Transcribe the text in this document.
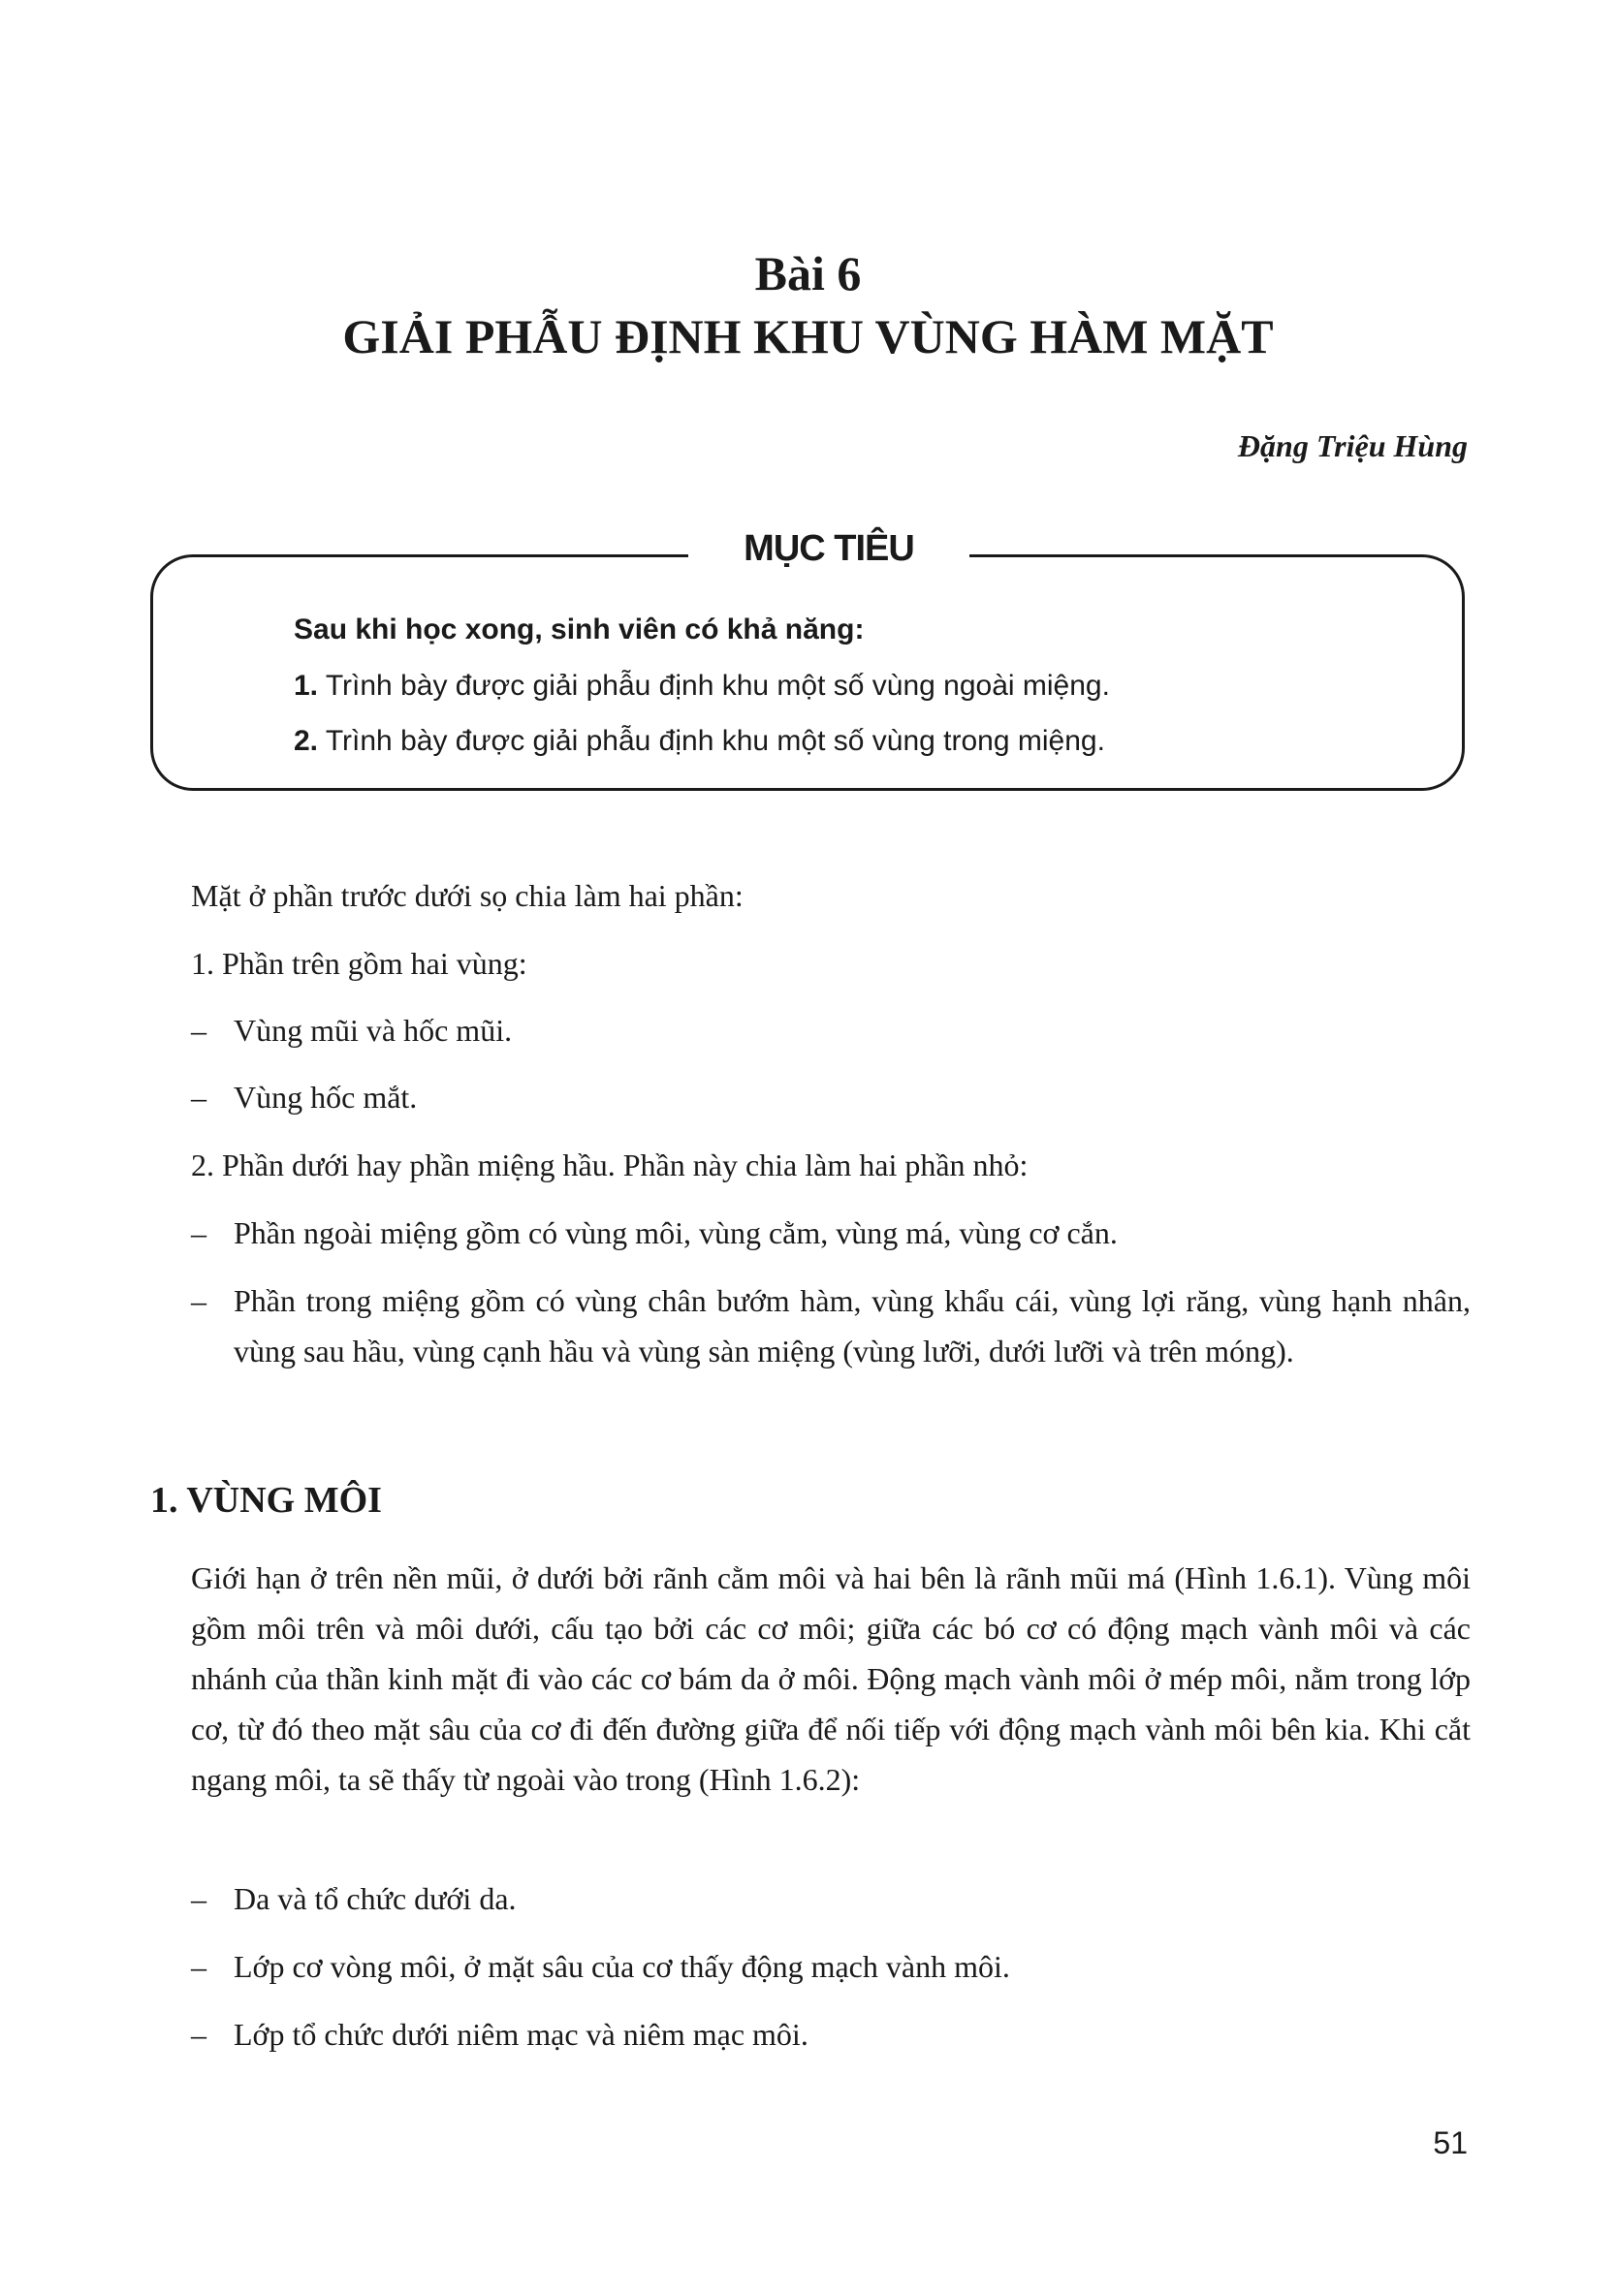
Bài 6
GIẢI PHẪU ĐỊNH KHU VÙNG HÀM MẶT
Đặng Triệu Hùng
MỤC TIÊU
Sau khi học xong, sinh viên có khả năng:
1. Trình bày được giải phẫu định khu một số vùng ngoài miệng.
2. Trình bày được giải phẫu định khu một số vùng trong miệng.
Mặt ở phần trước dưới sọ chia làm hai phần:
1. Phần trên gồm hai vùng:
– Vùng mũi và hốc mũi.
– Vùng hốc mắt.
2. Phần dưới hay phần miệng hầu. Phần này chia làm hai phần nhỏ:
– Phần ngoài miệng gồm có vùng môi, vùng cằm, vùng má, vùng cơ cắn.
– Phần trong miệng gồm có vùng chân bướm hàm, vùng khẩu cái, vùng lợi răng, vùng hạnh nhân, vùng sau hầu, vùng cạnh hầu và vùng sàn miệng (vùng lưỡi, dưới lưỡi và trên móng).
1. VÙNG MÔI
Giới hạn ở trên nền mũi, ở dưới bởi rãnh cằm môi và hai bên là rãnh mũi má (Hình 1.6.1). Vùng môi gồm môi trên và môi dưới, cấu tạo bởi các cơ môi; giữa các bó cơ có động mạch vành môi và các nhánh của thần kinh mặt đi vào các cơ bám da ở môi. Động mạch vành môi ở mép môi, nằm trong lớp cơ, từ đó theo mặt sâu của cơ đi đến đường giữa để nối tiếp với động mạch vành môi bên kia. Khi cắt ngang môi, ta sẽ thấy từ ngoài vào trong (Hình 1.6.2):
– Da và tổ chức dưới da.
– Lớp cơ vòng môi, ở mặt sâu của cơ thấy động mạch vành môi.
– Lớp tổ chức dưới niêm mạc và niêm mạc môi.
51
